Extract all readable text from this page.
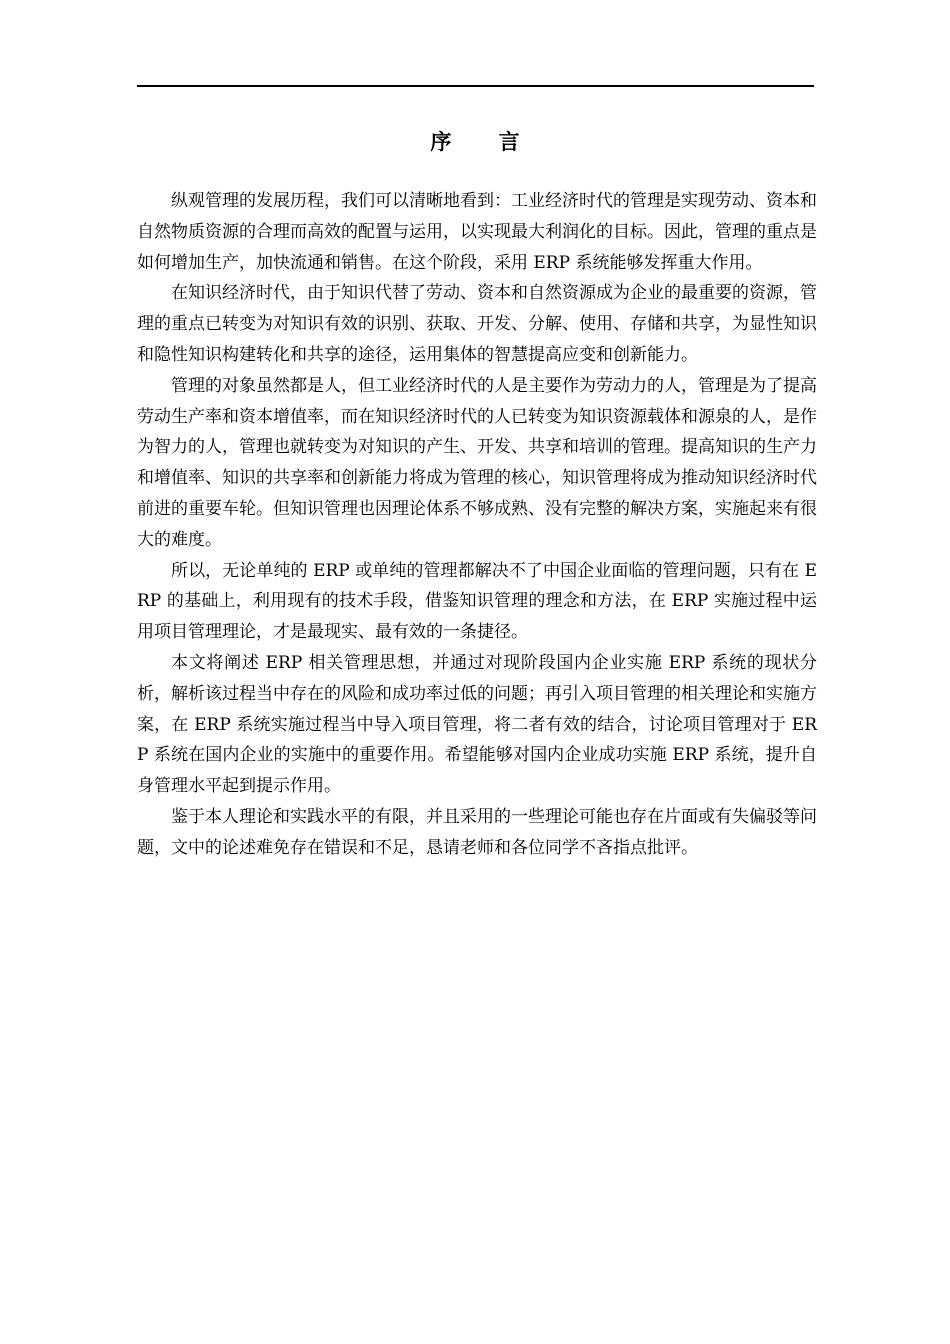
序 言

纵观管理的发展历程，我们可以清晰地看到：工业经济时代的管理是实现劳动、资本和自然物质资源的合理而高效的配置与运用，以实现最大利润化的目标。因此，管理的重点是如何增加生产，加快流通和销售。在这个阶段，采用 ERP 系统能够发挥重大作用。

在知识经济时代，由于知识代替了劳动、资本和自然资源成为企业的最重要的资源，管理的重点已转变为对知识有效的识别、获取、开发、分解、使用、存储和共享，为显性知识和隐性知识构建转化和共享的途径，运用集体的智慧提高应变和创新能力。

管理的对象虽然都是人，但工业经济时代的人是主要作为劳动力的人，管理是为了提高劳动生产率和资本增值率，而在知识经济时代的人已转变为知识资源载体和源泉的人，是作为智力的人，管理也就转变为对知识的产生、开发、共享和培训的管理。提高知识的生产力和增值率、知识的共享率和创新能力将成为管理的核心，知识管理将成为推动知识经济时代前进的重要车轮。但知识管理也因理论体系不够成熟、没有完整的解决方案，实施起来有很大的难度。

所以，无论单纯的 ERP 或单纯的管理都解决不了中国企业面临的管理问题，只有在 ERP 的基础上，利用现有的技术手段，借鉴知识管理的理念和方法，在 ERP 实施过程中运用项目管理理论，才是最现实、最有效的一条捷径。

本文将阐述 ERP 相关管理思想，并通过对现阶段国内企业实施 ERP 系统的现状分析，解析该过程当中存在的风险和成功率过低的问题；再引入项目管理的相关理论和实施方案，在 ERP 系统实施过程当中导入项目管理，将二者有效的结合，讨论项目管理对于 ERP 系统在国内企业的实施中的重要作用。希望能够对国内企业成功实施 ERP 系统，提升自身管理水平起到提示作用。

鉴于本人理论和实践水平的有限，并且采用的一些理论可能也存在片面或有失偏驳等问题，文中的论述难免存在错误和不足，恳请老师和各位同学不吝指点批评。
